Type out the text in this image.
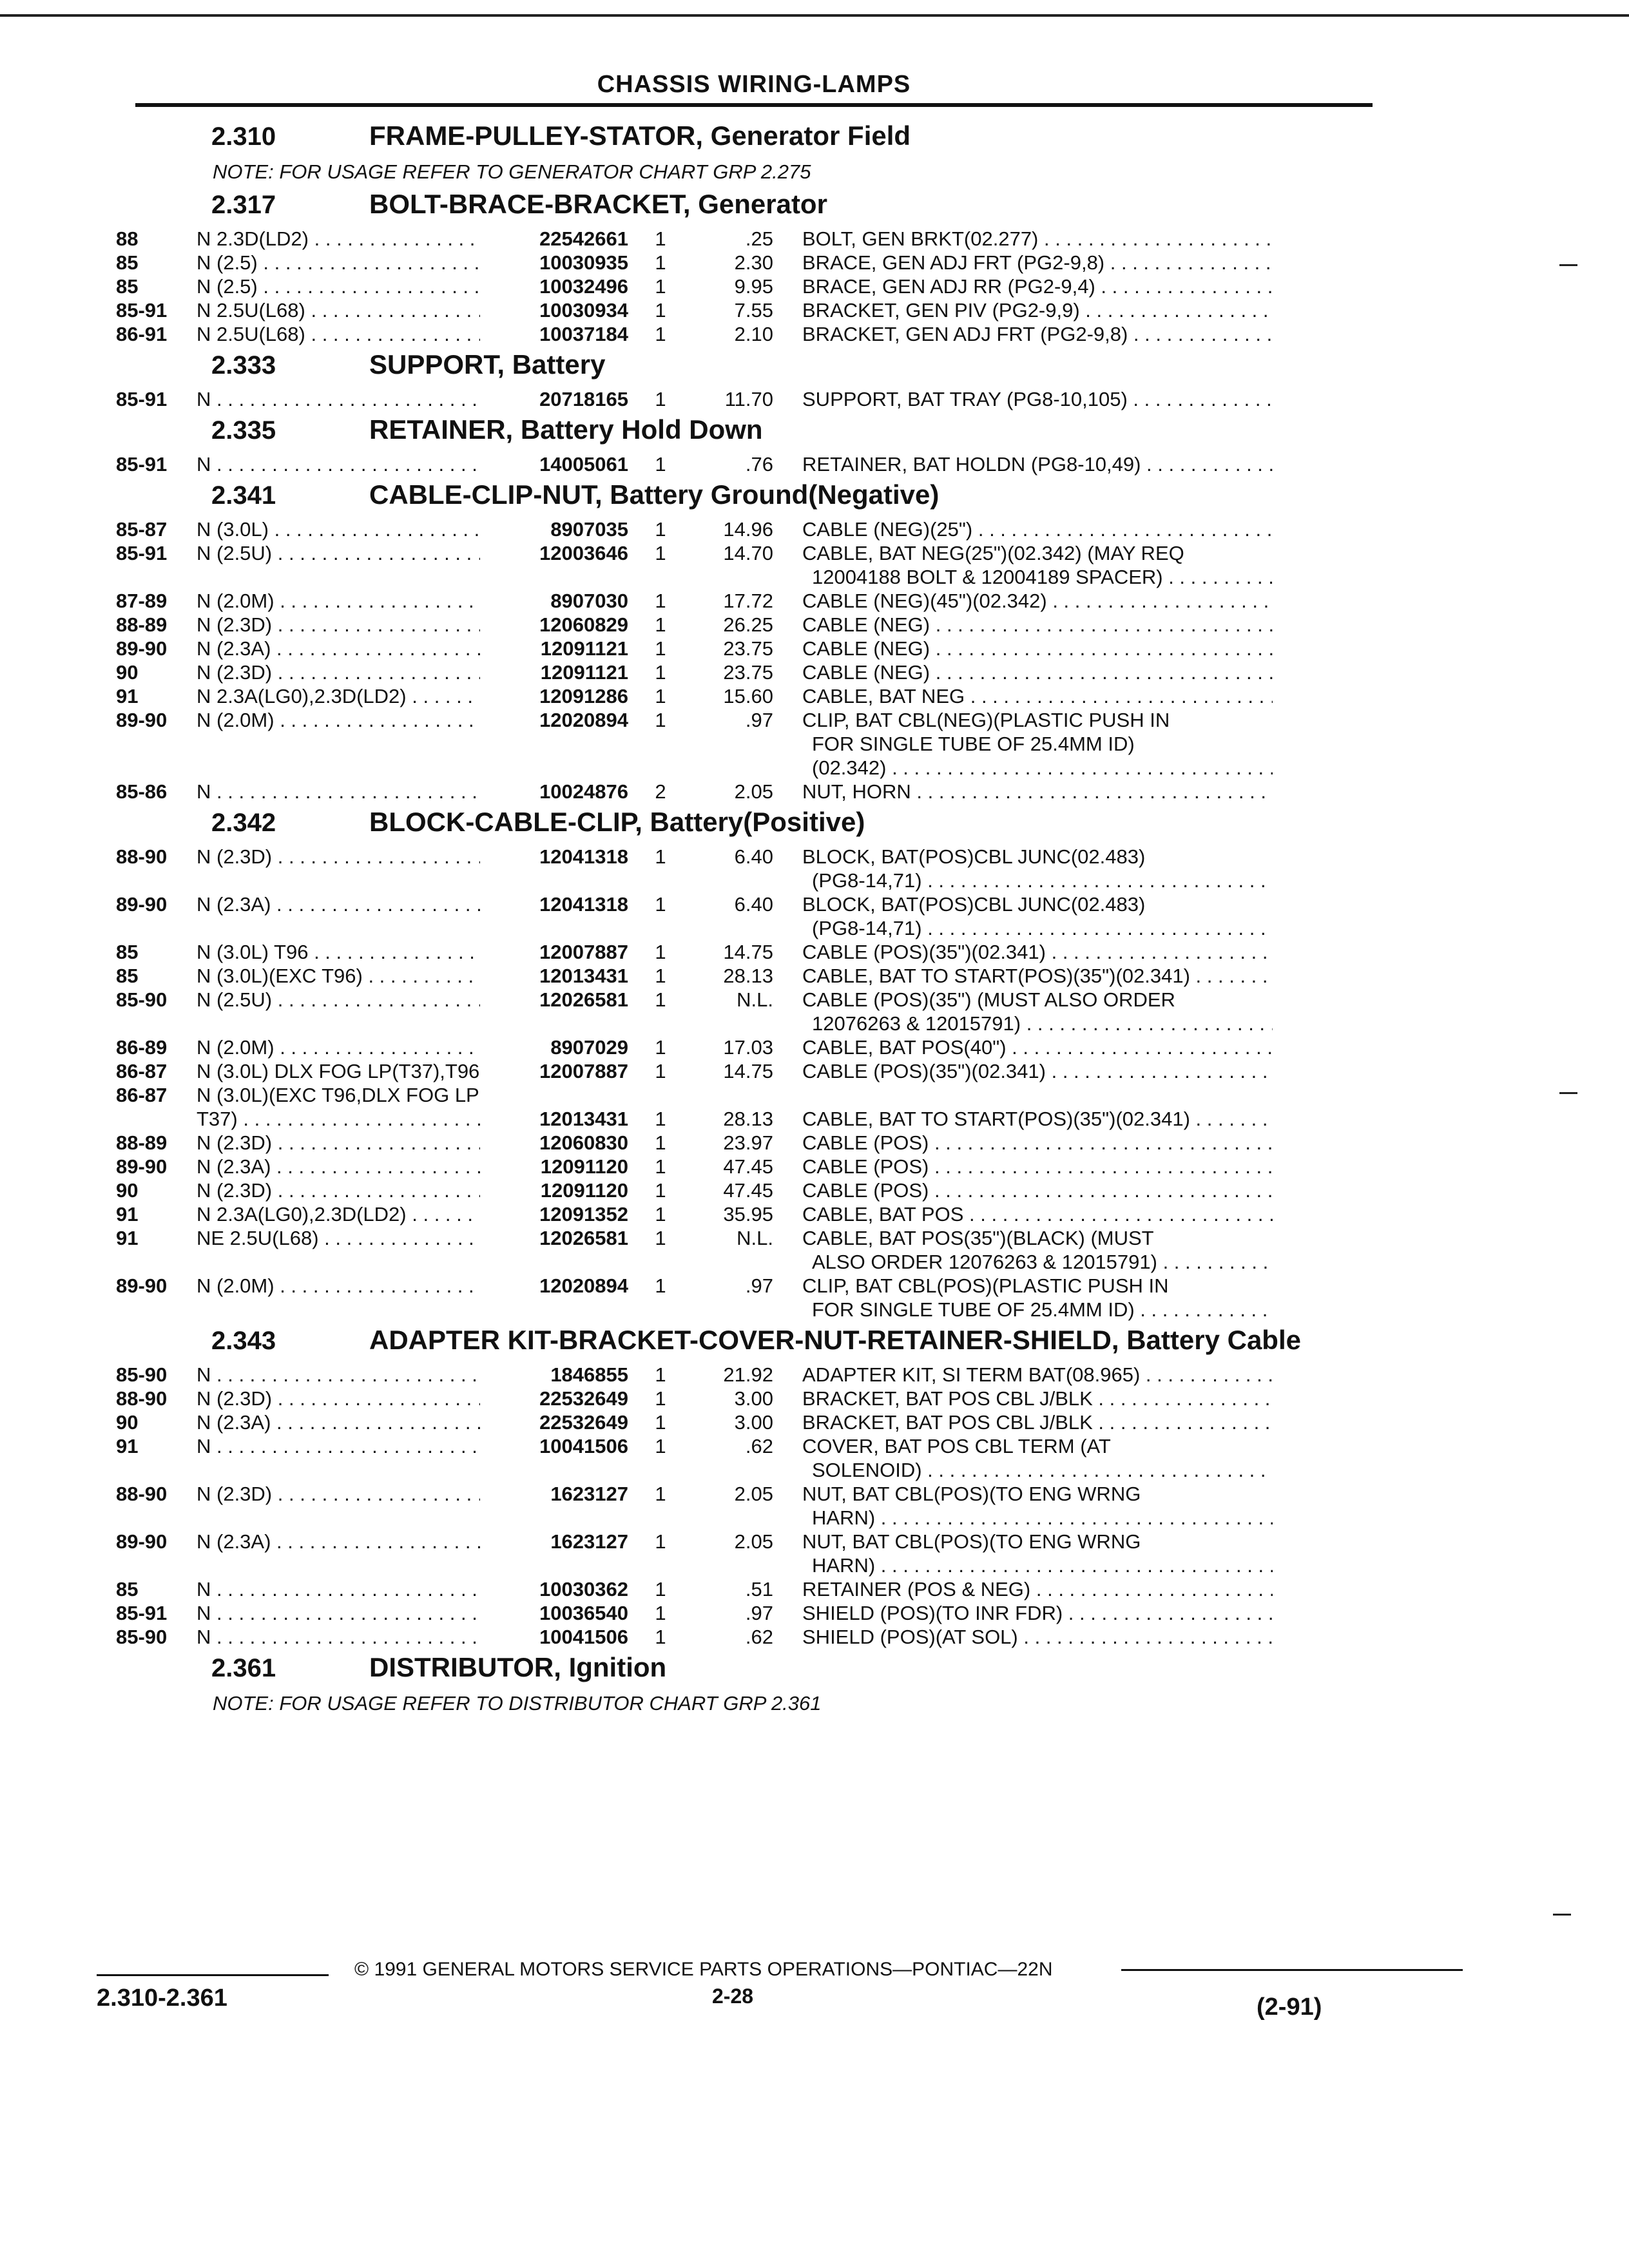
CHASSIS WIRING-LAMPS
2.310	FRAME-PULLEY-STATOR, Generator Field
NOTE: FOR USAGE REFER TO GENERATOR CHART GRP 2.275
2.317	BOLT-BRACE-BRACKET, Generator
88	N 2.3D(LD2) . . .	22542661	1	.25	BOLT, GEN BRKT(02.277) . . .
85	N (2.5) . . .	10030935	1	2.30	BRACE, GEN ADJ FRT (PG2-9,8) . . .
85	N (2.5) . . .	10032496	1	9.95	BRACE, GEN ADJ RR (PG2-9,4) . . .
85-91	N 2.5U(L68) . . .	10030934	1	7.55	BRACKET, GEN PIV (PG2-9,9) . . .
86-91	N 2.5U(L68) . . .	10037184	1	2.10	BRACKET, GEN ADJ FRT (PG2-9,8) . . .
2.333	SUPPORT, Battery
85-91	N . . .	20718165	1	11.70	SUPPORT, BAT TRAY (PG8-10,105) . . .
2.335	RETAINER, Battery Hold Down
85-91	N . . .	14005061	1	.76	RETAINER, BAT HOLDN (PG8-10,49) . . .
2.341	CABLE-CLIP-NUT, Battery Ground(Negative)
85-87	N (3.0L) . . .	8907035	1	14.96	CABLE (NEG)(25") . . .
85-91	N (2.5U) . . .	12003646	1	14.70	CABLE, BAT NEG(25")(02.342) (MAY REQ
12004188 BOLT & 12004189 SPACER) . . .
87-89	N (2.0M) . . .	8907030	1	17.72	CABLE (NEG)(45")(02.342) . . .
88-89	N (2.3D) . . .	12060829	1	26.25	CABLE (NEG) . . .
89-90	N (2.3A) . . .	12091121	1	23.75	CABLE (NEG) . . .
90	N (2.3D) . . .	12091121	1	23.75	CABLE (NEG) . . .
91	N 2.3A(LG0),2.3D(LD2) . . .	12091286	1	15.60	CABLE, BAT NEG . . .
89-90	N (2.0M) . . .	12020894	1	.97	CLIP, BAT CBL(NEG)(PLASTIC PUSH IN
FOR SINGLE TUBE OF 25.4MM ID)
(02.342) . . .
85-86	N . . .	10024876	2	2.05	NUT, HORN . . .
2.342	BLOCK-CABLE-CLIP, Battery(Positive)
88-90	N (2.3D) . . .	12041318	1	6.40	BLOCK, BAT(POS)CBL JUNC(02.483)
(PG8-14,71) . . .
89-90	N (2.3A) . . .	12041318	1	6.40	BLOCK, BAT(POS)CBL JUNC(02.483)
(PG8-14,71) . . .
85	N (3.0L) T96 . . .	12007887	1	14.75	CABLE (POS)(35")(02.341) . . .
85	N (3.0L)(EXC T96) . . .	12013431	1	28.13	CABLE, BAT TO START(POS)(35")(02.341) . . .
85-90	N (2.5U) . . .	12026581	1	N.L.	CABLE (POS)(35") (MUST ALSO ORDER
12076263 & 12015791) . . .
86-89	N (2.0M) . . .	8907029	1	17.03	CABLE, BAT POS(40") . . .
86-87	N (3.0L) DLX FOG LP(T37),T96 . . .	12007887	1	14.75	CABLE (POS)(35")(02.341) . . .
86-87	N (3.0L)(EXC T96,DLX FOG LP
T37) . . .	12013431	1	28.13	CABLE, BAT TO START(POS)(35")(02.341) . . .
88-89	N (2.3D) . . .	12060830	1	23.97	CABLE (POS) . . .
89-90	N (2.3A) . . .	12091120	1	47.45	CABLE (POS) . . .
90	N (2.3D) . . .	12091120	1	47.45	CABLE (POS) . . .
91	N 2.3A(LG0),2.3D(LD2) . . .	12091352	1	35.95	CABLE, BAT POS . . .
91	NE 2.5U(L68) . . .	12026581	1	N.L.	CABLE, BAT POS(35")(BLACK) (MUST
ALSO ORDER 12076263 & 12015791) . . .
89-90	N (2.0M) . . .	12020894	1	.97	CLIP, BAT CBL(POS)(PLASTIC PUSH IN
FOR SINGLE TUBE OF 25.4MM ID) . . .
2.343	ADAPTER KIT-BRACKET-COVER-NUT-RETAINER-SHIELD, Battery Cable
85-90	N . . .	1846855	1	21.92	ADAPTER KIT, SI TERM BAT(08.965) . . .
88-90	N (2.3D) . . .	22532649	1	3.00	BRACKET, BAT POS CBL J/BLK . . .
90	N (2.3A) . . .	22532649	1	3.00	BRACKET, BAT POS CBL J/BLK . . .
91	N . . .	10041506	1	.62	COVER, BAT POS CBL TERM (AT
SOLENOID) . . .
88-90	N (2.3D) . . .	1623127	1	2.05	NUT, BAT CBL(POS)(TO ENG WRNG
HARN) . . .
89-90	N (2.3A) . . .	1623127	1	2.05	NUT, BAT CBL(POS)(TO ENG WRNG
HARN) . . .
85	N . . .	10030362	1	.51	RETAINER (POS & NEG) . . .
85-91	N . . .	10036540	1	.97	SHIELD (POS)(TO INR FDR) . . .
85-90	N . . .	10041506	1	.62	SHIELD (POS)(AT SOL) . . .
2.361	DISTRIBUTOR, Ignition
NOTE: FOR USAGE REFER TO DISTRIBUTOR CHART GRP 2.361
2.310-2.361
© 1991 GENERAL MOTORS SERVICE PARTS OPERATIONS—PONTIAC—22N
2-28	(2-91)
